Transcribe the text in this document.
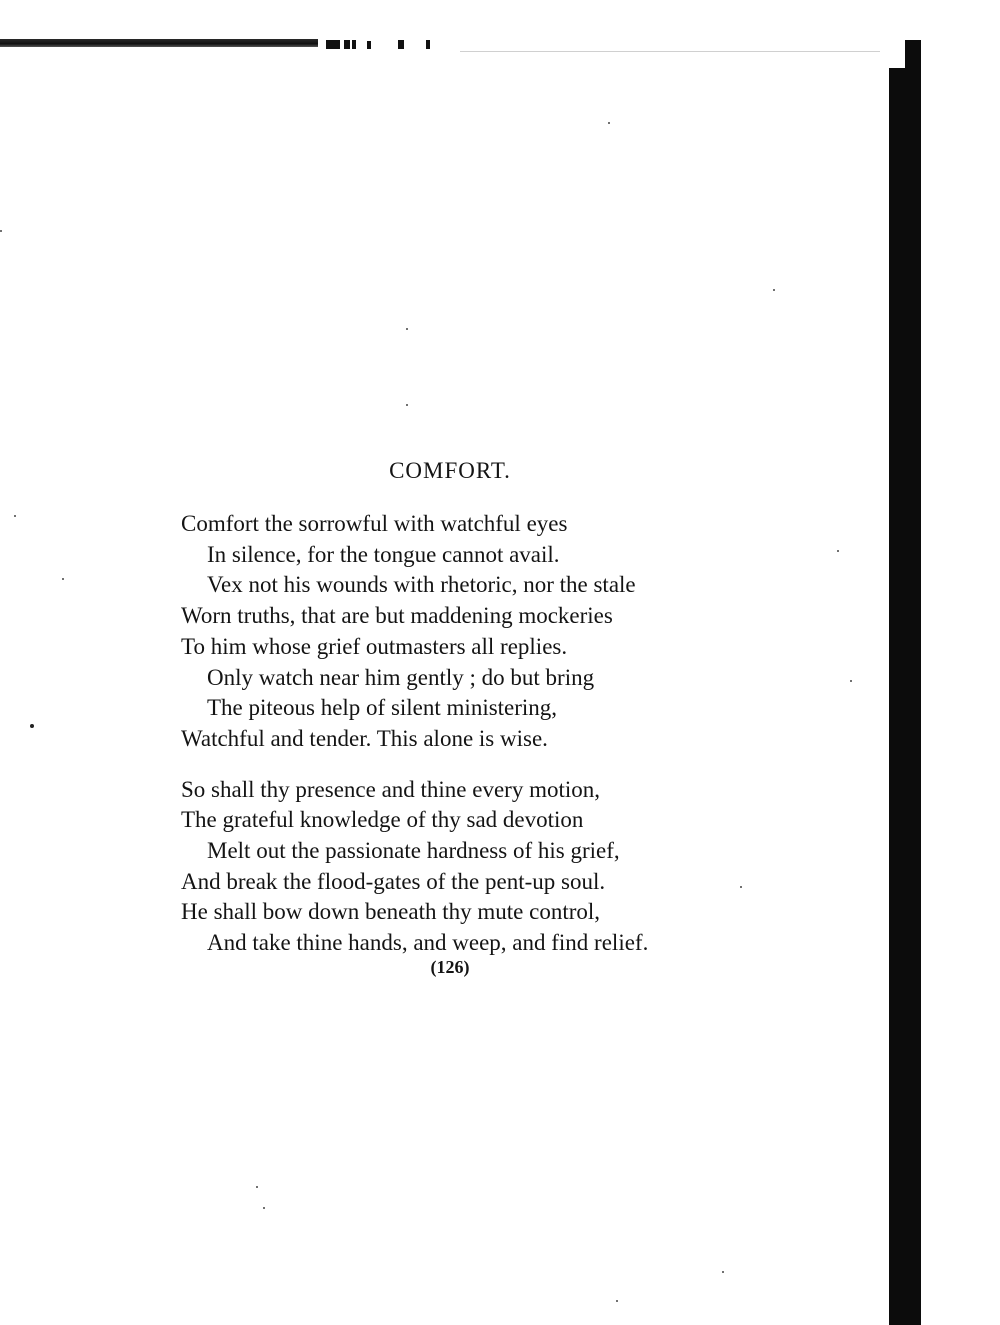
COMFORT.
Comfort the sorrowful with watchful eyes
In silence, for the tongue cannot avail.
Vex not his wounds with rhetoric, nor the stale
Worn truths, that are but maddening mockeries
To him whose grief outmasters all replies.
Only watch near him gently ; do but bring
The piteous help of silent ministering,
Watchful and tender. This alone is wise.
So shall thy presence and thine every motion,
The grateful knowledge of thy sad devotion
Melt out the passionate hardness of his grief,
And break the flood-gates of the pent-up soul.
He shall bow down beneath thy mute control,
And take thine hands, and weep, and find relief.
(126)
